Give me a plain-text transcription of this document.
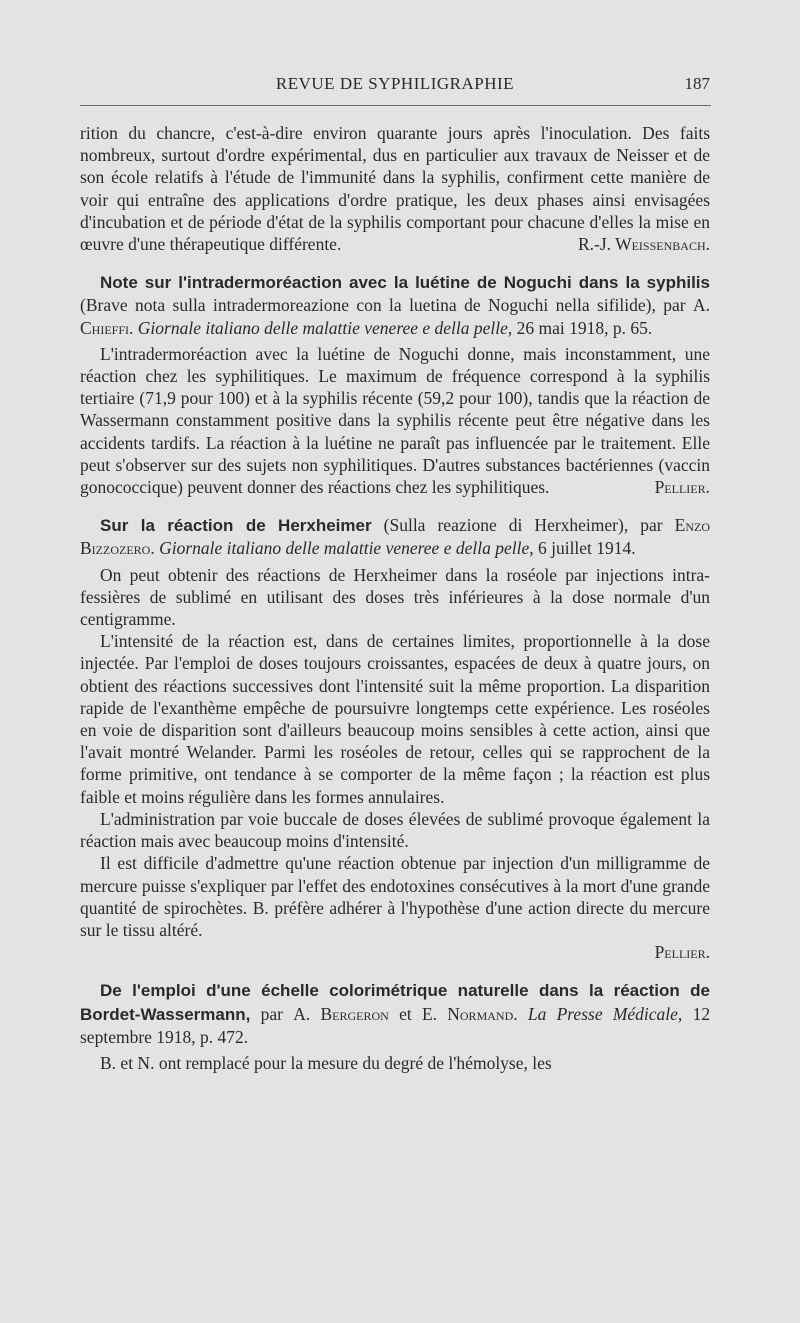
REVUE DE SYPHILIGRAPHIE	187

rition du chancre, c'est-à-dire environ quarante jours après l'inoculation. Des faits nombreux, surtout d'ordre expérimental, dus en particulier aux travaux de Neisser et de son école relatifs à l'étude de l'immunité dans la syphilis, confirment cette manière de voir qui entraîne des applications d'ordre pratique, les deux phases ainsi envisagées d'incubation et de période d'état de la syphilis comportant pour chacune d'elles la mise en œuvre d'une thérapeutique différente.	R.-J. Weissenbach.

Note sur l'intradermoréaction avec la luétine de Noguchi dans la syphilis (Brave nota sulla intradermoreazione con la luetina de Noguchi nella sifilide), par A. Chieffi. Giornale italiano delle malattie veneree e della pelle, 26 mai 1918, p. 65.

L'intradermoréaction avec la luétine de Noguchi donne, mais inconstamment, une réaction chez les syphilitiques. Le maximum de fréquence correspond à la syphilis tertiaire (71,9 pour 100) et à la syphilis récente (59,2 pour 100), tandis que la réaction de Wassermann constamment positive dans la syphilis récente peut être négative dans les accidents tardifs. La réaction à la luétine ne paraît pas influencée par le traitement. Elle peut s'observer sur des sujets non syphilitiques. D'autres substances bactériennes (vaccin gonococcique) peuvent donner des réactions chez les syphilitiques.	Pellier.

Sur la réaction de Herxheimer (Sulla reazione di Herxheimer), par Enzo Bizzozero. Giornale italiano delle malattie veneree e della pelle, 6 juillet 1914.

On peut obtenir des réactions de Herxheimer dans la roséole par injections intra-fessières de sublimé en utilisant des doses très inférieures à la dose normale d'un centigramme.

L'intensité de la réaction est, dans de certaines limites, proportionnelle à la dose injectée. Par l'emploi de doses toujours croissantes, espacées de deux à quatre jours, on obtient des réactions successives dont l'intensité suit la même proportion. La disparition rapide de l'exanthème empêche de poursuivre longtemps cette expérience. Les roséoles en voie de disparition sont d'ailleurs beaucoup moins sensibles à cette action, ainsi que l'avait montré Welander. Parmi les roséoles de retour, celles qui se rapprochent de la forme primitive, ont tendance à se comporter de la même façon ; la réaction est plus faible et moins régulière dans les formes annulaires.

L'administration par voie buccale de doses élevées de sublimé provoque également la réaction mais avec beaucoup moins d'intensité.

Il est difficile d'admettre qu'une réaction obtenue par injection d'un milligramme de mercure puisse s'expliquer par l'effet des endotoxines consécutives à la mort d'une grande quantité de spirochètes. B. préfère adhérer à l'hypothèse d'une action directe du mercure sur le tissu altéré.

Pellier.

De l'emploi d'une échelle colorimétrique naturelle dans la réaction de Bordet-Wassermann, par A. Bergeron et E. Normand. La Presse Médicale, 12 septembre 1918, p. 472.

B. et N. ont remplacé pour la mesure du degré de l'hémolyse, les
